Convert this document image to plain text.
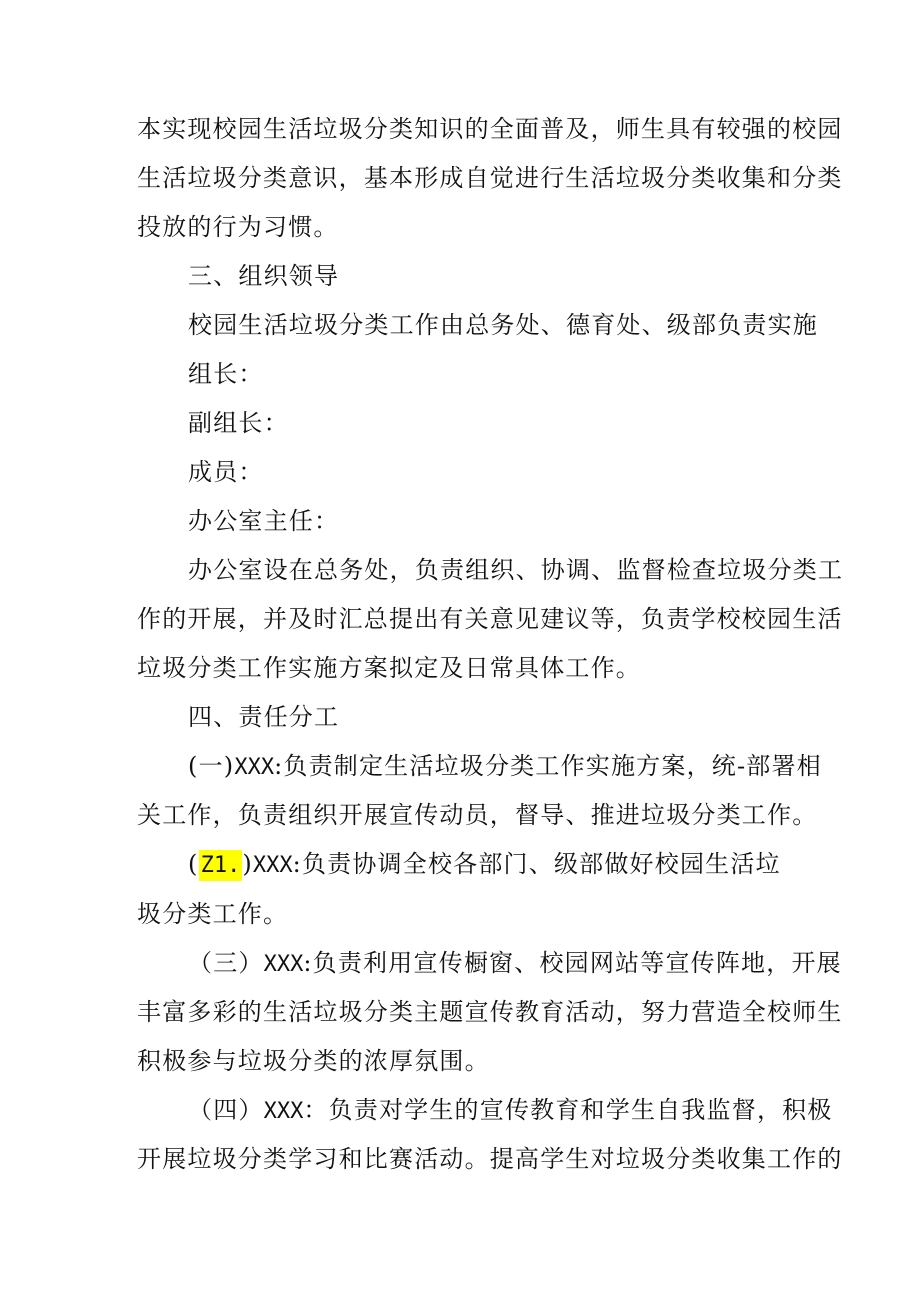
本实现校园生活垃圾分类知识的全面普及，师生具有较强的校园
生活垃圾分类意识，基本形成自觉进行生活垃圾分类收集和分类
投放的行为习惯。
三、组织领导
校园生活垃圾分类工作由总务处、德育处、级部负责实施
组长：
副组长：
成员：
办公室主任：
办公室设在总务处，负责组织、协调、监督检查垃圾分类工
作的开展，并及时汇总提出有关意见建议等，负责学校校园生活
垃圾分类工作实施方案拟定及日常具体工作。
四、责任分工
(一)XXX:负责制定生活垃圾分类工作实施方案，统-部署相
关工作，负责组织开展宣传动员，督导、推进垃圾分类工作。
(Z1.)XXX:负责协调全校各部门、级部做好校园生活垃
圾分类工作。
（三）XXX:负责利用宣传橱窗、校园网站等宣传阵地，开展
丰富多彩的生活垃圾分类主题宣传教育活动，努力营造全校师生
积极参与垃圾分类的浓厚氛围。
（四）XXX：负责对学生的宣传教育和学生自我监督，积极
开展垃圾分类学习和比赛活动。提高学生对垃圾分类收集工作的
